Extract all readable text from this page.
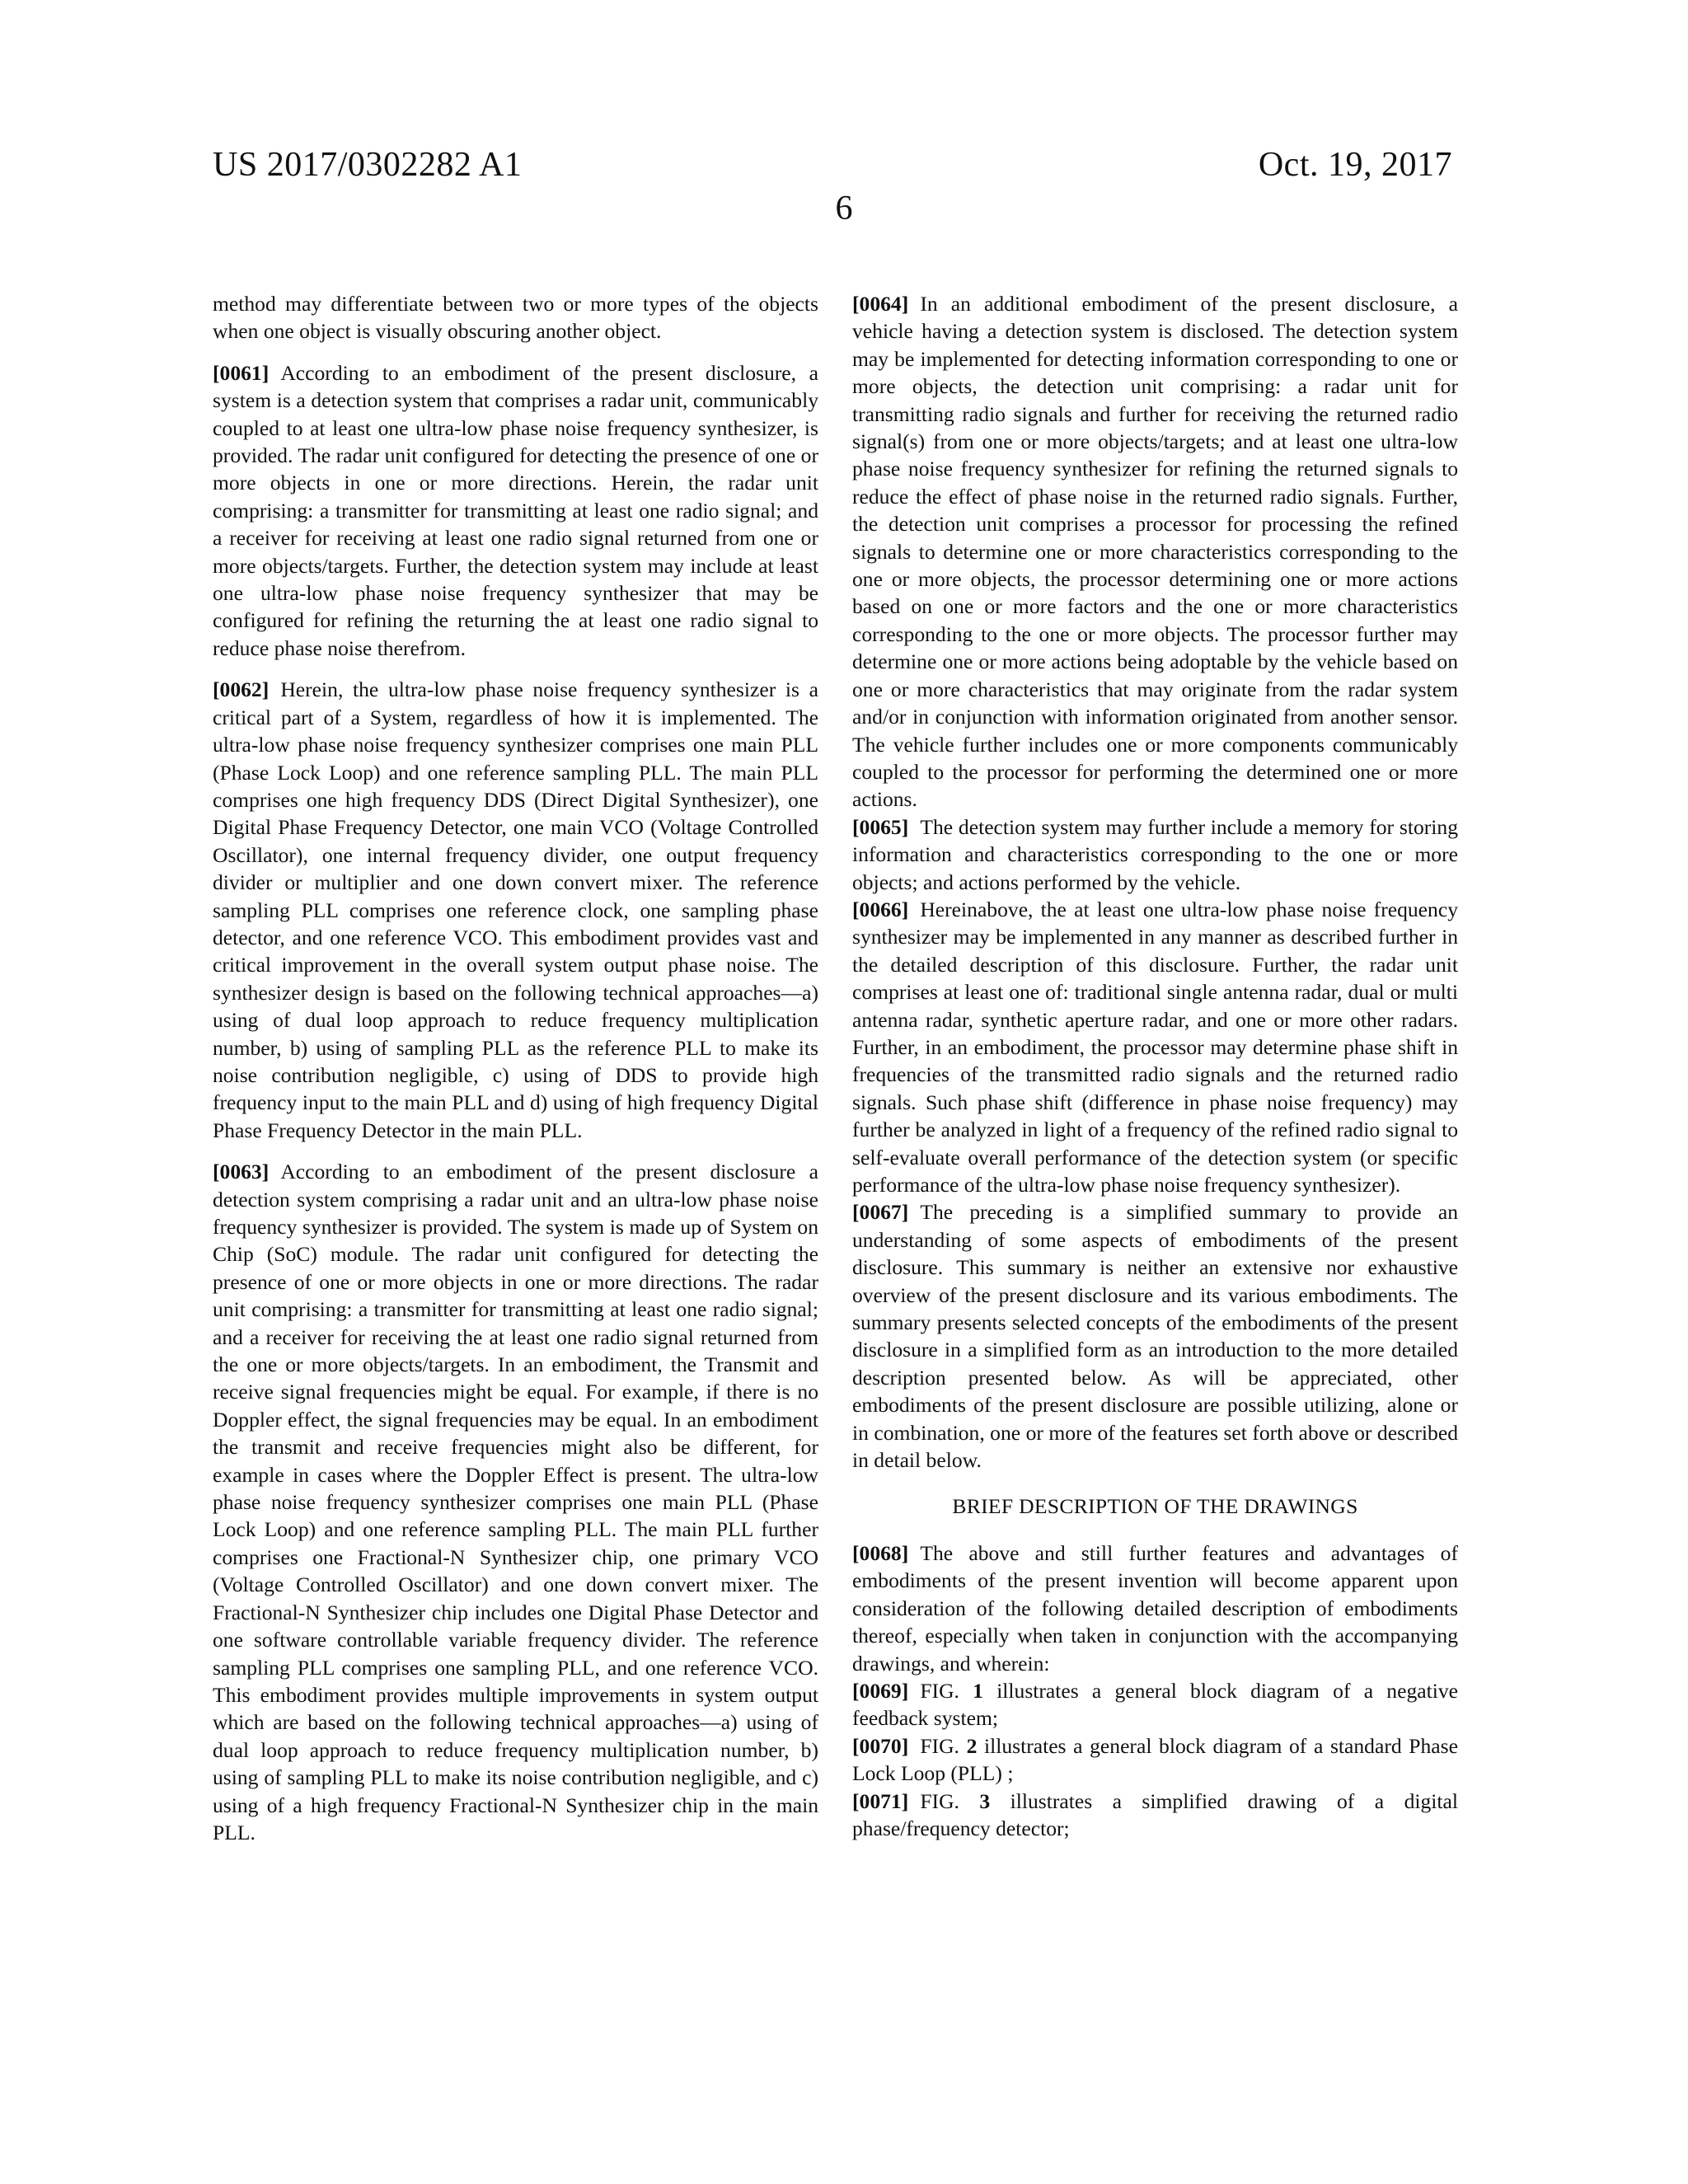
US 2017/0302282 A1	Oct. 19, 2017
6

method may differentiate between two or more types of the objects when one object is visually obscuring another object.

[0061] According to an embodiment of the present disclosure, a system is a detection system that comprises a radar unit, communicably coupled to at least one ultra-low phase noise frequency synthesizer, is provided. The radar unit configured for detecting the presence of one or more objects in one or more directions. Herein, the radar unit comprising: a transmitter for transmitting at least one radio signal; and a receiver for receiving at least one radio signal returned from one or more objects/targets. Further, the detection system may include at least one ultra-low phase noise frequency synthesizer that may be configured for refining the returning the at least one radio signal to reduce phase noise therefrom.

[0062] Herein, the ultra-low phase noise frequency synthesizer is a critical part of a System, regardless of how it is implemented. The ultra-low phase noise frequency synthesizer comprises one main PLL (Phase Lock Loop) and one reference sampling PLL. The main PLL comprises one high frequency DDS (Direct Digital Synthesizer), one Digital Phase Frequency Detector, one main VCO (Voltage Controlled Oscillator), one internal frequency divider, one output frequency divider or multiplier and one down convert mixer. The reference sampling PLL comprises one reference clock, one sampling phase detector, and one reference VCO. This embodiment provides vast and critical improvement in the overall system output phase noise. The synthesizer design is based on the following technical approaches—a) using of dual loop approach to reduce frequency multiplication number, b) using of sampling PLL as the reference PLL to make its noise contribution negligible, c) using of DDS to provide high frequency input to the main PLL and d) using of high frequency Digital Phase Frequency Detector in the main PLL.

[0063] According to an embodiment of the present disclosure a detection system comprising a radar unit and an ultra-low phase noise frequency synthesizer is provided. The system is made up of System on Chip (SoC) module. The radar unit configured for detecting the presence of one or more objects in one or more directions. The radar unit comprising: a transmitter for transmitting at least one radio signal; and a receiver for receiving the at least one radio signal returned from the one or more objects/targets. In an embodiment, the Transmit and receive signal frequencies might be equal. For example, if there is no Doppler effect, the signal frequencies may be equal. In an embodiment the transmit and receive frequencies might also be different, for example in cases where the Doppler Effect is present. The ultra-low phase noise frequency synthesizer comprises one main PLL (Phase Lock Loop) and one reference sampling PLL. The main PLL further comprises one Fractional-N Synthesizer chip, one primary VCO (Voltage Controlled Oscillator) and one down convert mixer. The Fractional-N Synthesizer chip includes one Digital Phase Detector and one software controllable variable frequency divider. The reference sampling PLL comprises one sampling PLL, and one reference VCO. This embodiment provides multiple improvements in system output which are based on the following technical approaches—a) using of dual loop approach to reduce frequency multiplication number, b) using of sampling PLL to make its noise contribution negligible, and c) using of a high frequency Fractional-N Synthesizer chip in the main PLL.

[0064] In an additional embodiment of the present disclosure, a vehicle having a detection system is disclosed. The detection system may be implemented for detecting information corresponding to one or more objects, the detection unit comprising: a radar unit for transmitting radio signals and further for receiving the returned radio signal(s) from one or more objects/targets; and at least one ultra-low phase noise frequency synthesizer for refining the returned signals to reduce the effect of phase noise in the returned radio signals. Further, the detection unit comprises a processor for processing the refined signals to determine one or more characteristics corresponding to the one or more objects, the processor determining one or more actions based on one or more factors and the one or more characteristics corresponding to the one or more objects. The processor further may determine one or more actions being adoptable by the vehicle based on one or more characteristics that may originate from the radar system and/or in conjunction with information originated from another sensor. The vehicle further includes one or more components communicably coupled to the processor for performing the determined one or more actions.

[0065] The detection system may further include a memory for storing information and characteristics corresponding to the one or more objects; and actions performed by the vehicle.

[0066] Hereinabove, the at least one ultra-low phase noise frequency synthesizer may be implemented in any manner as described further in the detailed description of this disclosure. Further, the radar unit comprises at least one of: traditional single antenna radar, dual or multi antenna radar, synthetic aperture radar, and one or more other radars. Further, in an embodiment, the processor may determine phase shift in frequencies of the transmitted radio signals and the returned radio signals. Such phase shift (difference in phase noise frequency) may further be analyzed in light of a frequency of the refined radio signal to self-evaluate overall performance of the detection system (or specific performance of the ultra-low phase noise frequency synthesizer).

[0067] The preceding is a simplified summary to provide an understanding of some aspects of embodiments of the present disclosure. This summary is neither an extensive nor exhaustive overview of the present disclosure and its various embodiments. The summary presents selected concepts of the embodiments of the present disclosure in a simplified form as an introduction to the more detailed description presented below. As will be appreciated, other embodiments of the present disclosure are possible utilizing, alone or in combination, one or more of the features set forth above or described in detail below.

BRIEF DESCRIPTION OF THE DRAWINGS

[0068] The above and still further features and advantages of embodiments of the present invention will become apparent upon consideration of the following detailed description of embodiments thereof, especially when taken in conjunction with the accompanying drawings, and wherein:

[0069] FIG. 1 illustrates a general block diagram of a negative feedback system;

[0070] FIG. 2 illustrates a general block diagram of a standard Phase Lock Loop (PLL) ;

[0071] FIG. 3 illustrates a simplified drawing of a digital phase/frequency detector;
